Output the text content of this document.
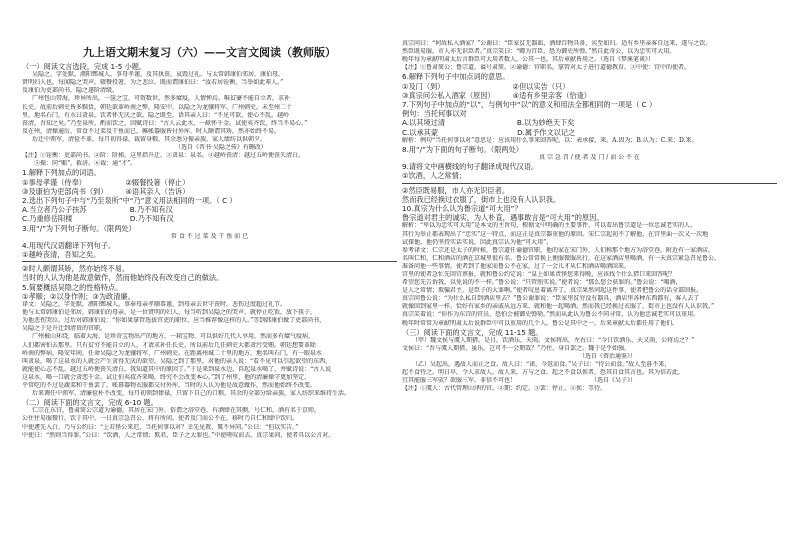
九上语文期末复习（六）——文言文阅读（教师版）
（一）阅读文言选段，完成 1-5 小题。
吴隐之，字处默，濮阳鄄城人，事母孝谨，及其执丧，哀毁过礼。与太常韩康伯邻居，康伯母，
贤明妇人也，每闻隐之哭声，辍餐投箸，为之悲泣。既而谓康伯曰：“汝若居铨衡，当举如此辈人。”
及康伯为吏部尚书，隐之遂阶清级。
广州包山带海，珍异所出，一箧之宝，可资数世，然多瘴疫，人情惮焉。唯贫窭不能自立者，求补
长史，故前后刺史皆多黩货。朝廷欲革岭南之弊，隆安中，以隐之为龙骧将军、广州刺史。未至州二十
里，地名石门，有水曰贪泉，饮者怀无厌之欲。隐之既至，语其亲人曰：“不见可欲，使心不乱。越岭
丧清，吾知之矣。”乃至泉所，酌而饮之，因赋诗曰：“古人云此水，一歃怀千金。试使夷齐饮，终当不易心。”
及在州，清操逾厉，常食不过菜及干鱼而已，帷帐器服皆付外库，时人颇谓其矫，然亦始终不易。
后迁中领军，清俭不革，每月初得禄，裁留身粮，其余悉分振亲族，家人绩纺以供朝夕。
　　　　　　　　　　　　　　　　　　　　　　　　　　（选自《晋书·吴隐之传》有删改）
【注】①铨衡：吏部尚书。②阶：阶梯，这里指升迁。③贪泉：泉名。④越岭丧清：越过五岭便丧失清白。
　　⑤振：同“赈”，救济。⑥裁：通“才”。
1.解释下列加点的词语。
①事母孝谨（侍奉）　　　　　　②辍餐投箸（停止）
③及康伯为吏部尚书（到）　　　④语其亲人（告诉）
2.选出下列句子中与“乃至泉所”中“乃”意义用法相同的一项。（ C ）
A.当立者乃公子扶苏　　　　　　B.乃不知有汉
C.乃重修岳阳楼　　　　　　　　D.乃不知有汉
3.用“/”为下列句子断句。（限两处）
常 食 不 过 菜 及 干 鱼 而 已
4.用现代汉语翻译下列句子。
①越岭丧清，吾知之矣。
②时人颇谓其矫，然亦始终不易。
当时的人认为他是故意做作，然而他始终没有改变自己的做法。
5.简要概括吴隐之的性格特点。
①孝顺；②以身作则；③为政清廉。
译文：吴隐之，字处默，濮阳鄄城人。事奉母亲孝顺恭谨，到母亲去世守丧时，悲伤过度超过礼节。
他与太常韩康伯是邻居，韩康伯的母亲，是一位贤明的妇人，每当听到吴隐之的哭声，就停止吃饭，放下筷子，
为他悲伤哭泣。过后对韩康伯说：“你如果掌管选拔官吏的职位，应当推荐像这样的人。”等到韩康伯做了吏部尚书，
吴隐之于是升迁到清贵的官职。
广州被山环绕，临着大海，是珍奇宝物出产的地方，一箱宝物，可以供好几代人享用，然而多有瘴气疫病，
人们都害怕去那里。只有贫穷不能自立的人，才请求补任长史，所以前后几任刺史大都贪污受贿。朝廷想要革除
岭南的弊病，隆安年间，任命吴隐之为龙骧将军、广州刺史。在距离州城二十里的地方，地名叫石门，有一眼泉水
叫贪泉，喝了这泉水的人就会产生贪得无厌的欲望。吴隐之到了那里，对他的亲人说：“看不见可以引起欲望的东西，
就能使心志不乱。越过五岭便丧失清白，我知道其中的原因了。”于是来到泉水边，舀起泉水喝了，并赋诗说：“古人说
这泉水，喝一口就会贪恋千金。试让伯夷叔齐来喝，终究不会改变本心。”到了州里，他的清廉操守更加坚定，
平常吃的不过是蔬菜和干鱼罢了，帐幕器物衣服都交付外库，当时的人认为他是故意做作，然而他始终不改变。
后来调任中领军，清廉俭朴不改变，每月初领到俸禄，只留下自己的口粮，其余的全部分给亲族，家人纺织来维持生活。
（二）阅读下面的文言文，完成 6-10 题。
仁宗在东宫，鲁肃简公宗道为谕德，其居在宋门外，俗谓之浴堂巷，有酒肆在其侧，号仁和，酒有名于京师，
公往往易服微行，饮于其中。一日真宗急召公，将有所问。使者及门而公不在，移时乃自仁和肆中饮归。
中使遽先入白，乃与公约曰：“上若怪公来迟，当托何事以对？幸先见教，冀不异同。”公曰：“但以实告。”
中使曰：“然则当得罪。”公曰：“饮酒，人之常情；欺君，臣子之大罪也。”中使嗟叹而去。真宗果问，使者具以公言对。
真宗问曰：“何故私入酒家？”公谢曰：“臣家贫无器皿，酒肆百物具备，宾至如归。适有乡里亲客自远来，遂与之饮。
然臣既易服，市人亦无识臣者。”真宗笑曰：“卿为宫臣，恐为御史所弹。”然自此奇公，以为忠实可大用。
晚年每为章献明肃太后言群臣可大用者数人，公其一也。其后章献皆用之。（选自《梦溪笔谈》）
【注】①鲁肃简公：鲁宗道，谥号肃简。②谕德：官职名，掌管对太子进行道德教育。③中使：宫中的使者。
6.解释下列句子中加点词的意思。
①及门（到）　　　　　　　　　　②但以实告（只）
③真宗问公私入酒家（原因）　　　④适有乡里亲客（恰逢）
7.下列句子中加点的“以”，与例句中“以”的意义和用法全都相同的一项是（ C ）
例句：当托何事以对
A.以其境过清　　　　　　　　　　B.以为妙绝天下矣
C.以承其蒙　　　　　　　　　　　D.属予作文以记之
解析：例句“当托何事以对”意思是：应该用什么事来回答呢。以：表承接，来。A.因为；B.认为；C.来；D.来。
8.用“/”为下面的句子断句。（限两处）
真 宗 急 召 / 使 者 及 门 / 而 公 不 在
9.请将文中画横线的句子翻译成现代汉语。
①饮酒，人之常情；
②然臣既易服，市人亦无识臣者。
然而我已经换过衣服了，街市上也没有人认识我。
10.真宗为什么认为鲁宗道“可大用”？
鲁宗道对君主的诚实，为人朴直，遇事敢言是“可大用”的原因。
解析：“卑以为忠实可大用”是本文的主旨句，根据文中明确的主要事件，可以看出鲁宗道是一位忠诚老实的人，
其行为举止都表现出了“忠实”这一特点，而这正是真宗器重他的原因。宋仁宗起初不了解他，在宫里面一次又一次地
试探他，他仍坚持实话实说，因此真宗认为他“可大用”。
参考译文：仁宗还是太子的时候，鲁宗道任谕德官职，他的家在宋门外，人们称那个地方为浴堂巷，附近有一家酒店，
名叫仁和，仁和酒店的酒在京城里很有名。鲁公常常换上便服微服出行，在这家酒店里喝酒。有一天真宗紧急召见鲁公，
准备问他一些事情。使者到了他家而鲁公不在家，过了一会儿才从仁和酒店喝酒回来。
宫里的使者急忙先回宫禀报，就和鲁公约定说：“皇上如果责怪您来得晚，应该找个什么借口来回答呢？
希望您先告诉我，以免说的不一样。”鲁公说：“只管照实说。”使者说：“那么您会获罪的。”鲁公说：“喝酒，
是人之常情；欺骗君主，是臣子的大罪啊。”使者叹息着离开了。真宗果然问起这件事，使者把鲁公的话全部回报。
真宗问鲁公说：“为什么私自到酒店里去？”鲁公谢罪说：“臣家里贫穷没有器具，酒店里各种东西都有，客人去了
就像回到家里一样。恰好有家乡的亲戚从远方来，就和他一起喝酒。然而我已经换过衣服了，街市上也没有人认识我。”
真宗笑着说：“你作为东宫的官员，恐怕会被御史弹劾。”然而从此认为鲁公不同寻常，认为他忠诚老实可以重用。
晚年时常常为章献明肃太后说群臣中可以重用的几个人，鲁公是其中之一。后来章献太后都任用了他们。
（三）阅读下面的文言文，完成 11-15 题。
（甲）魏文侯与虞人期猎。是日，饮酒乐，天雨。文侯将出，左右曰：“今日饮酒乐，天又雨，公将焉之？”
文侯曰：“吾与虞人期猎，虽乐，岂可不一会期哉？”乃往，身自罢之。魏于是乎始强。
　　　　　　　　　　　　　　　　　　　　　　　　　　　　　　（选自《资治通鉴》）
（乙）吴起出，遇故人而止之食。故人曰：“诺，今返而食。”吴子曰：“待公而食。”故人至暮不来，
起不食待之。明日早，令人求故人。故人来，方与之食。起之不食以俟者，恐其自食其言也。其为信若此，
宜其能服三军欤？欲服三军，非信不可也！　　　　　　　　　　　　　（选自《吴子》）
【注】①虞人：古代管理山泽的官。②期：约定。③罢：停止。④俟：等待。
